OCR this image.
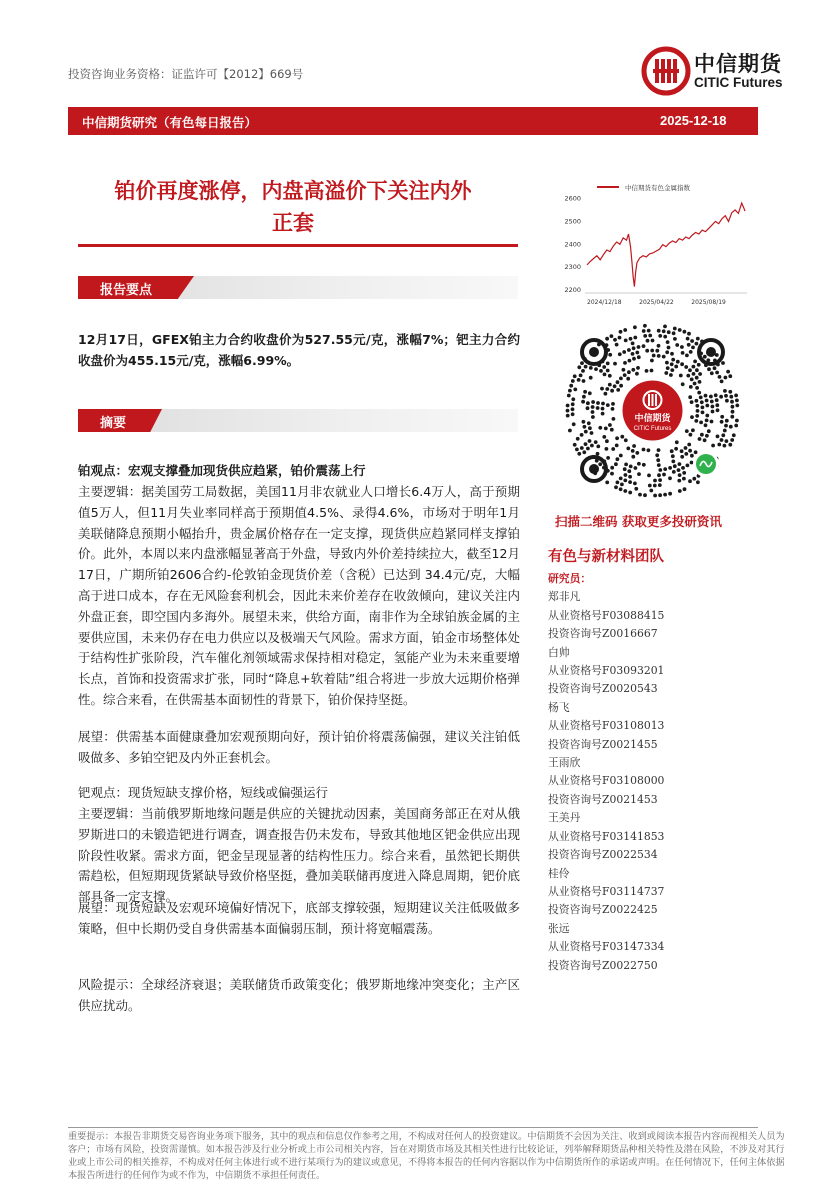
投资咨询业务资格：证监许可【2012】669号	中信期货
CITIC Futures
中信期货研究（有色每日报告）	2025-12-18
铂价再度涨停，内盘高溢价下关注内外
正套
报告要点
12月17日，GFEX铂主力合约收盘价为527.55元/克，涨幅7%；钯主力合约收盘价为455.15元/克，涨幅6.99%。
摘要
铂观点：宏观支撑叠加现货供应趋紧，铂价震荡上行
主要逻辑：据美国劳工局数据，美国11月非农就业人口增长6.4万人，高于预期值5万人，但11月失业率同样高于预期值4.5%、录得4.6%，市场对于明年1月美联储降息预期小幅抬升，贵金属价格存在一定支撑，现货供应趋紧同样支撑铂价。此外，本周以来内盘涨幅显著高于外盘，导致内外价差持续拉大，截至12月17日，广期所铂2606合约-伦敦铂金现货价差（含税）已达到 34.4元/克，大幅高于进口成本，存在无风险套利机会，因此未来价差存在收敛倾向，建议关注内外盘正套，即空国内多海外。展望未来，供给方面，南非作为全球铂族金属的主要供应国，未来仍存在电力供应以及极端天气风险。需求方面，铂金市场整体处于结构性扩张阶段，汽车催化剂领域需求保持相对稳定，氢能产业为未来重要增长点，首饰和投资需求扩张，同时“降息+软着陆”组合将进一步放大远期价格弹性。综合来看，在供需基本面韧性的背景下，铂价保持坚挺。
展望：供需基本面健康叠加宏观预期向好，预计铂价将震荡偏强，建议关注铂低吸做多、多铂空钯及内外正套机会。
钯观点：现货短缺支撑价格，短线或偏强运行
主要逻辑：当前俄罗斯地缘问题是供应的关键扰动因素，美国商务部正在对从俄罗斯进口的未锻造钯进行调查，调查报告仍未发布，导致其他地区钯金供应出现阶段性收紧。需求方面，钯金呈现显著的结构性压力。综合来看，虽然钯长期供需趋松，但短期现货紧缺导致价格坚挺，叠加美联储再度进入降息周期，钯价底部具备一定支撑。
展望：现货短缺及宏观环境偏好情况下，底部支撑较强，短期建议关注低吸做多策略，但中长期仍受自身供需基本面偏弱压制，预计将宽幅震荡。
风险提示：全球经济衰退；美联储货币政策变化；俄罗斯地缘冲突变化；主产区供应扰动。
中信期货有色金属指数
2200
2300
2400
2500
2600
2024/12/18	2025/04/22	2025/08/19
中信期货
CITIC Futures
扫描二维码 获取更多投研资讯
有色与新材料团队
研究员：
郑非凡
从业资格号F03088415
投资咨询号Z0016667
白帅
从业资格号F03093201
投资咨询号Z0020543
杨飞
从业资格号F03108013
投资咨询号Z0021455
王雨欣
从业资格号F03108000
投资咨询号Z0021453
王美丹
从业资格号F03141853
投资咨询号Z0022534
桂伶
从业资格号F03114737
投资咨询号Z0022425
张远
从业资格号F03147334
投资咨询号Z0022750
重要提示：本报告非期货交易咨询业务项下服务，其中的观点和信息仅作参考之用，不构成对任何人的投资建议。中信期货不会因为关注、收到或阅读本报告内容而视相关人员为客户；市场有风险，投资需谨慎。如本报告涉及行业分析或上市公司相关内容，旨在对期货市场及其相关性进行比较论证，列举解释期货品种相关特性及潜在风险，不涉及对其行业或上市公司的相关推荐，不构成对任何主体进行或不进行某项行为的建议或意见，不得将本报告的任何内容据以作为中信期货所作的承诺或声明。在任何情况下，任何主体依据本报告所进行的任何作为或不作为，中信期货不承担任何责任。
